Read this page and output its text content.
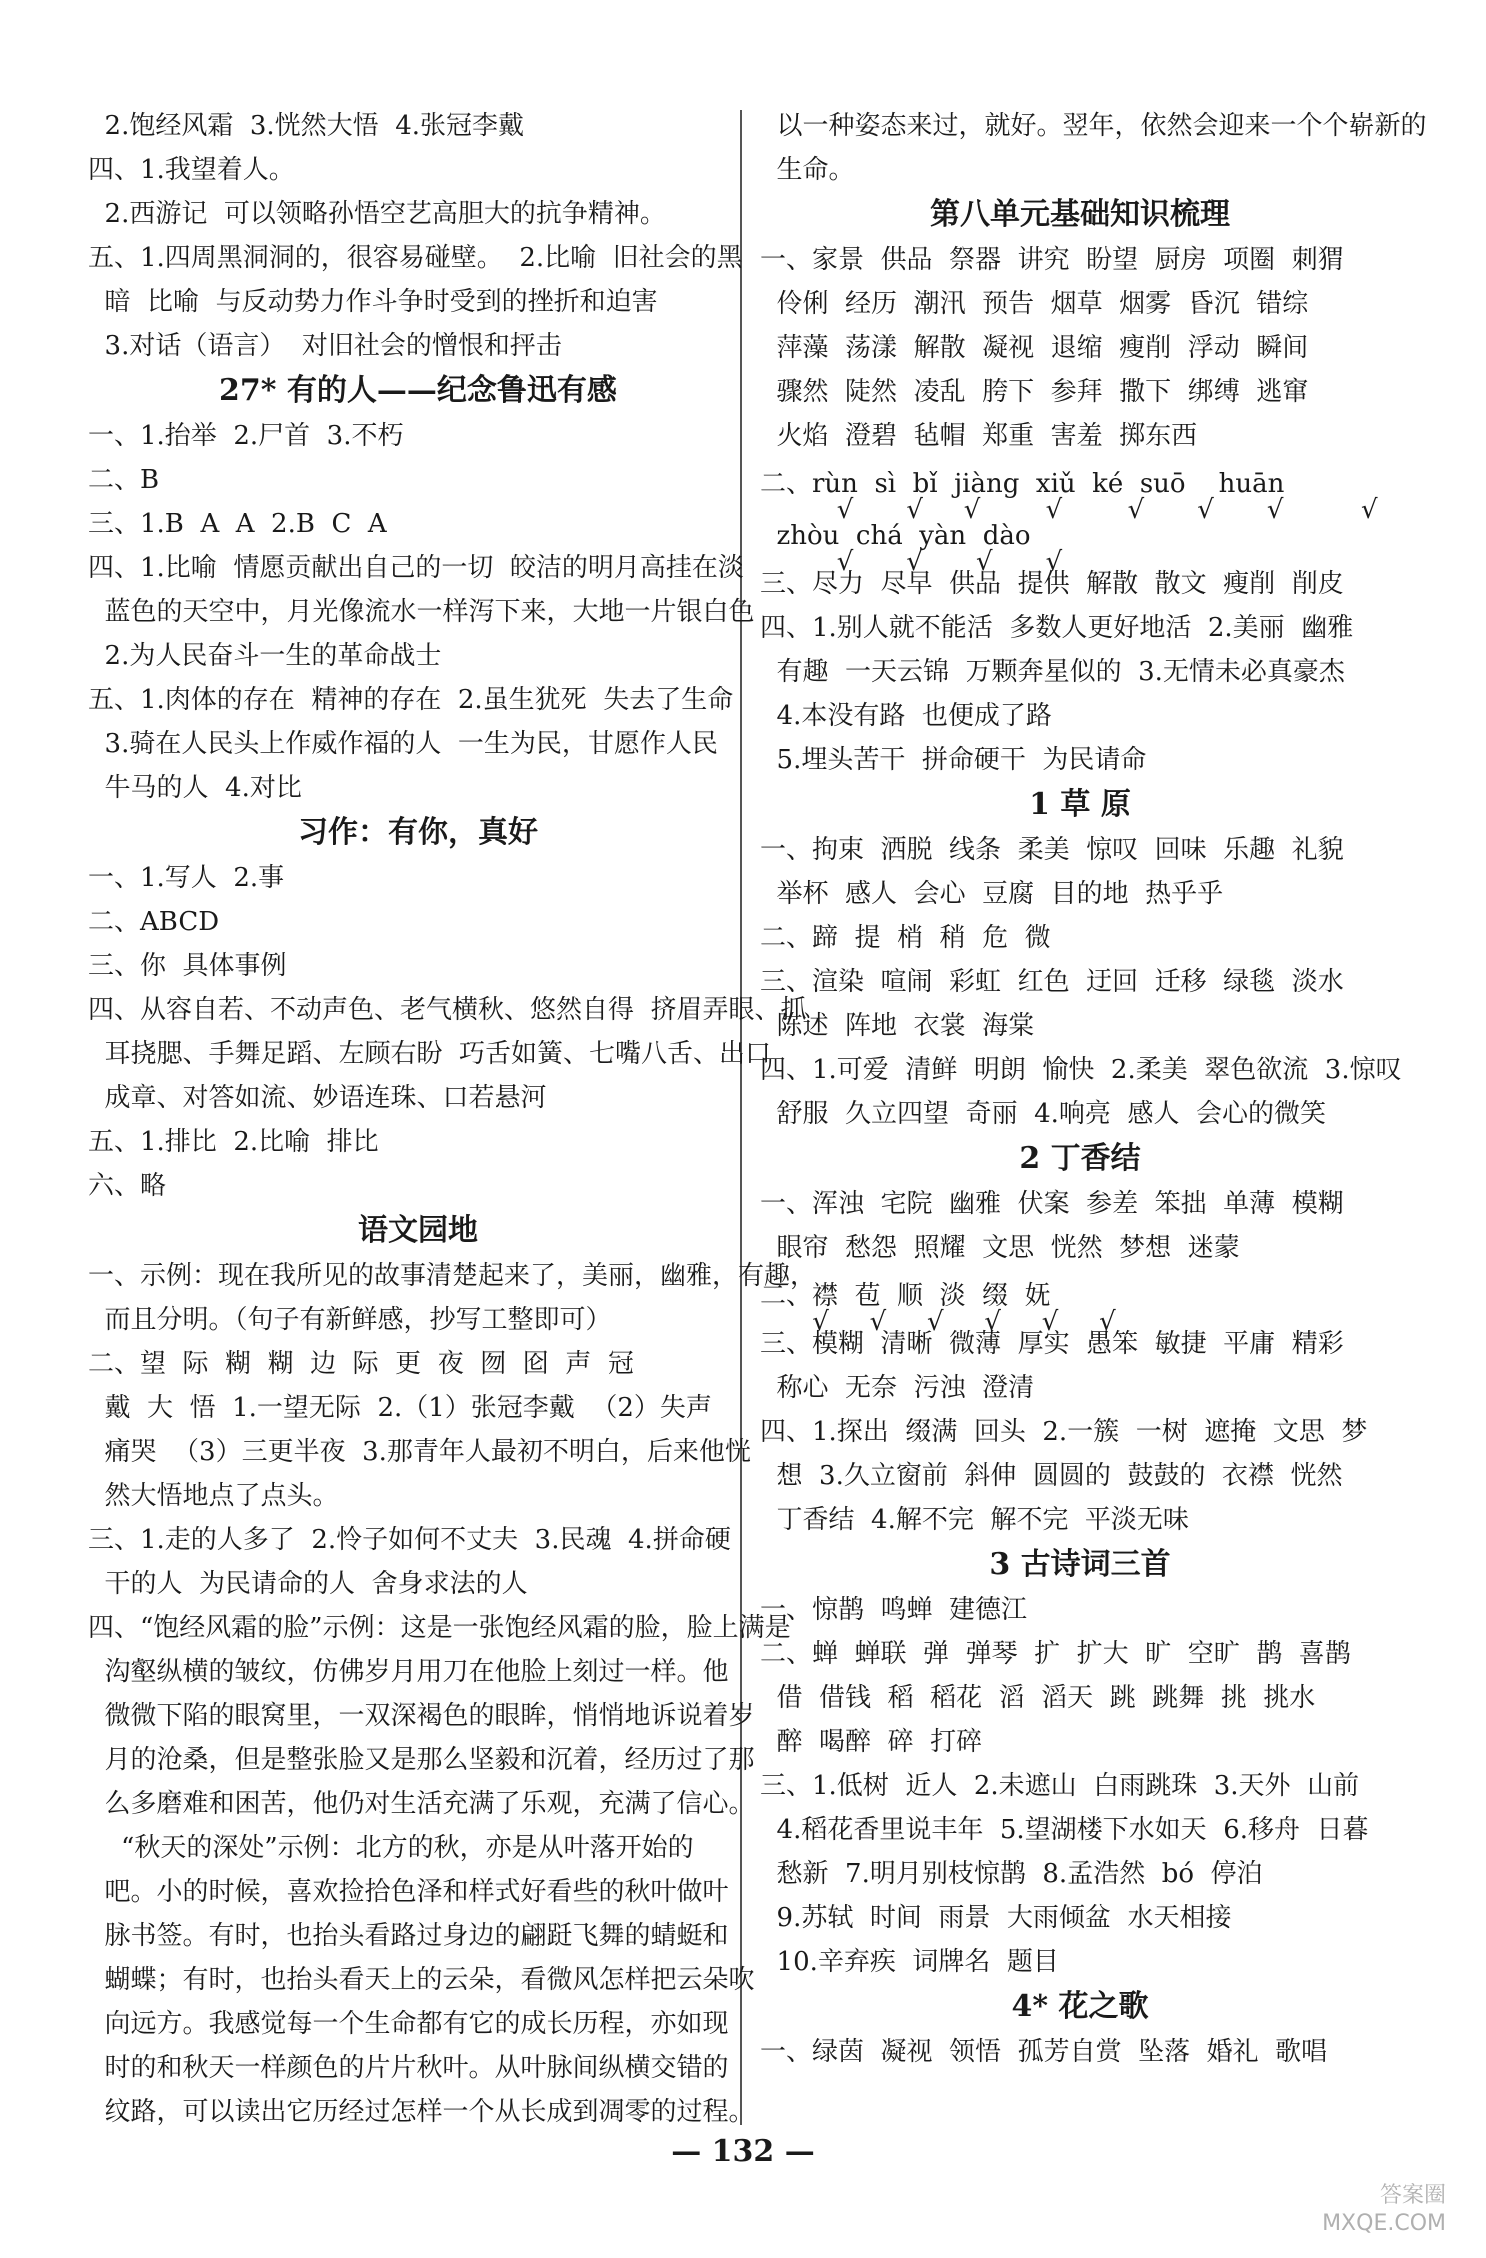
2.饱经风霜  3.恍然大悟  4.张冠李戴
四、1.我望着人。
2.西游记  可以领略孙悟空艺高胆大的抗争精神。
五、1.四周黑洞洞的，很容易碰壁。  2.比喻  旧社会的黑
暗  比喻  与反动势力作斗争时受到的挫折和迫害
3.对话（语言）  对旧社会的憎恨和抨击
27* 有的人——纪念鲁迅有感
一、1.抬举  2.尸首  3.不朽
二、B
三、1.B  A  A  2.B  C  A
四、1.比喻  情愿贡献出自己的一切  皎洁的明月高挂在淡
蓝色的天空中，月光像流水一样泻下来，大地一片银白色
2.为人民奋斗一生的革命战士
五、1.肉体的存在  精神的存在  2.虽生犹死  失去了生命
3.骑在人民头上作威作福的人  一生为民，甘愿作人民
牛马的人  4.对比
习作：有你，真好
一、1.写人  2.事
二、ABCD
三、你  具体事例
四、从容自若、不动声色、老气横秋、悠然自得  挤眉弄眼、抓
耳挠腮、手舞足蹈、左顾右盼  巧舌如簧、七嘴八舌、出口
成章、对答如流、妙语连珠、口若悬河
五、1.排比  2.比喻  排比
六、略
语文园地
一、示例：现在我所见的故事清楚起来了，美丽，幽雅，有趣，
而且分明。（句子有新鲜感，抄写工整即可）
二、望  际  糊  糊  边  际  更  夜  囫  囵  声  冠
戴  大  悟  1.一望无际  2.（1）张冠李戴  （2）失声
痛哭  （3）三更半夜  3.那青年人最初不明白，后来他恍
然大悟地点了点头。
三、1.走的人多了  2.怜子如何不丈夫  3.民魂  4.拼命硬
干的人  为民请命的人  舍身求法的人
四、“饱经风霜的脸”示例：这是一张饱经风霜的脸，脸上满是
沟壑纵横的皱纹，仿佛岁月用刀在他脸上刻过一样。他
微微下陷的眼窝里，一双深褐色的眼眸，悄悄地诉说着岁
月的沧桑，但是整张脸又是那么坚毅和沉着，经历过了那
么多磨难和困苦，他仍对生活充满了乐观，充满了信心。
“秋天的深处”示例：北方的秋，亦是从叶落开始的
吧。小的时候，喜欢捡拾色泽和样式好看些的秋叶做叶
脉书签。有时，也抬头看路过身边的翩跹飞舞的蜻蜓和
蝴蝶；有时，也抬头看天上的云朵，看微风怎样把云朵吹
向远方。我感觉每一个生命都有它的成长历程，亦如现
时的和秋天一样颜色的片片秋叶。从叶脉间纵横交错的
纹路，可以读出它历经过怎样一个从长成到凋零的过程。
以一种姿态来过，就好。翌年，依然会迎来一个个崭新的
生命。
第八单元基础知识梳理
一、家景  供品  祭器  讲究  盼望  厨房  项圈  刺猬
伶俐  经历  潮汛  预告  烟草  烟雾  昏沉  错综
萍藻  荡漾  解散  凝视  退缩  瘦削  浮动  瞬间
骤然  陡然  凌乱  胯下  参拜  撒下  绑缚  逃窜
火焰  澄碧  毡帽  郑重  害羞  掷东西
二、rùn  sì  bǐ  jiàng  xiǔ  ké  suō    huān
√    √   √     √     √    √    √      √
zhòu  chá  yàn  dào
√    √    √    √
三、尽力  尽早  供品  提供  解散  散文  瘦削  削皮
四、1.别人就不能活  多数人更好地活  2.美丽  幽雅
有趣  一天云锦  万颗奔星似的  3.无情未必真豪杰
4.本没有路  也便成了路
5.埋头苦干  拼命硬干  为民请命
1 草 原
一、拘束  洒脱  线条  柔美  惊叹  回味  乐趣  礼貌
举杯  感人  会心  豆腐  目的地  热乎乎
二、蹄  提  梢  稍  危  微
三、渲染  喧闹  彩虹  红色  迂回  迁移  绿毯  淡水
陈述  阵地  衣裳  海棠
四、1.可爱  清鲜  明朗  愉快  2.柔美  翠色欲流  3.惊叹
舒服  久立四望  奇丽  4.响亮  感人  会心的微笑
2 丁香结
一、浑浊  宅院  幽雅  伏案  参差  笨拙  单薄  模糊
眼帘  愁怨  照耀  文思  恍然  梦想  迷蒙
二、襟  苞  顺  淡  缀  妩
√   √   √   √   √   √
三、模糊  清晰  微薄  厚实  愚笨  敏捷  平庸  精彩
称心  无奈  污浊  澄清
四、1.探出  缀满  回头  2.一簇  一树  遮掩  文思  梦
想  3.久立窗前  斜伸  圆圆的  鼓鼓的  衣襟  恍然
丁香结  4.解不完  解不完  平淡无味
3 古诗词三首
一、惊鹊  鸣蝉  建德江
二、蝉  蝉联  弹  弹琴  扩  扩大  旷  空旷  鹊  喜鹊
借  借钱  稻  稻花  滔  滔天  跳  跳舞  挑  挑水
醉  喝醉  碎  打碎
三、1.低树  近人  2.未遮山  白雨跳珠  3.天外  山前
4.稻花香里说丰年  5.望湖楼下水如天  6.移舟  日暮
愁新  7.明月别枝惊鹊  8.孟浩然  bó  停泊
9.苏轼  时间  雨景  大雨倾盆  水天相接
10.辛弃疾  词牌名  题目
4* 花之歌
一、绿茵  凝视  领悟  孤芳自赏  坠落  婚礼  歌唱
— 132 —
答案圈
MXQE.COM
